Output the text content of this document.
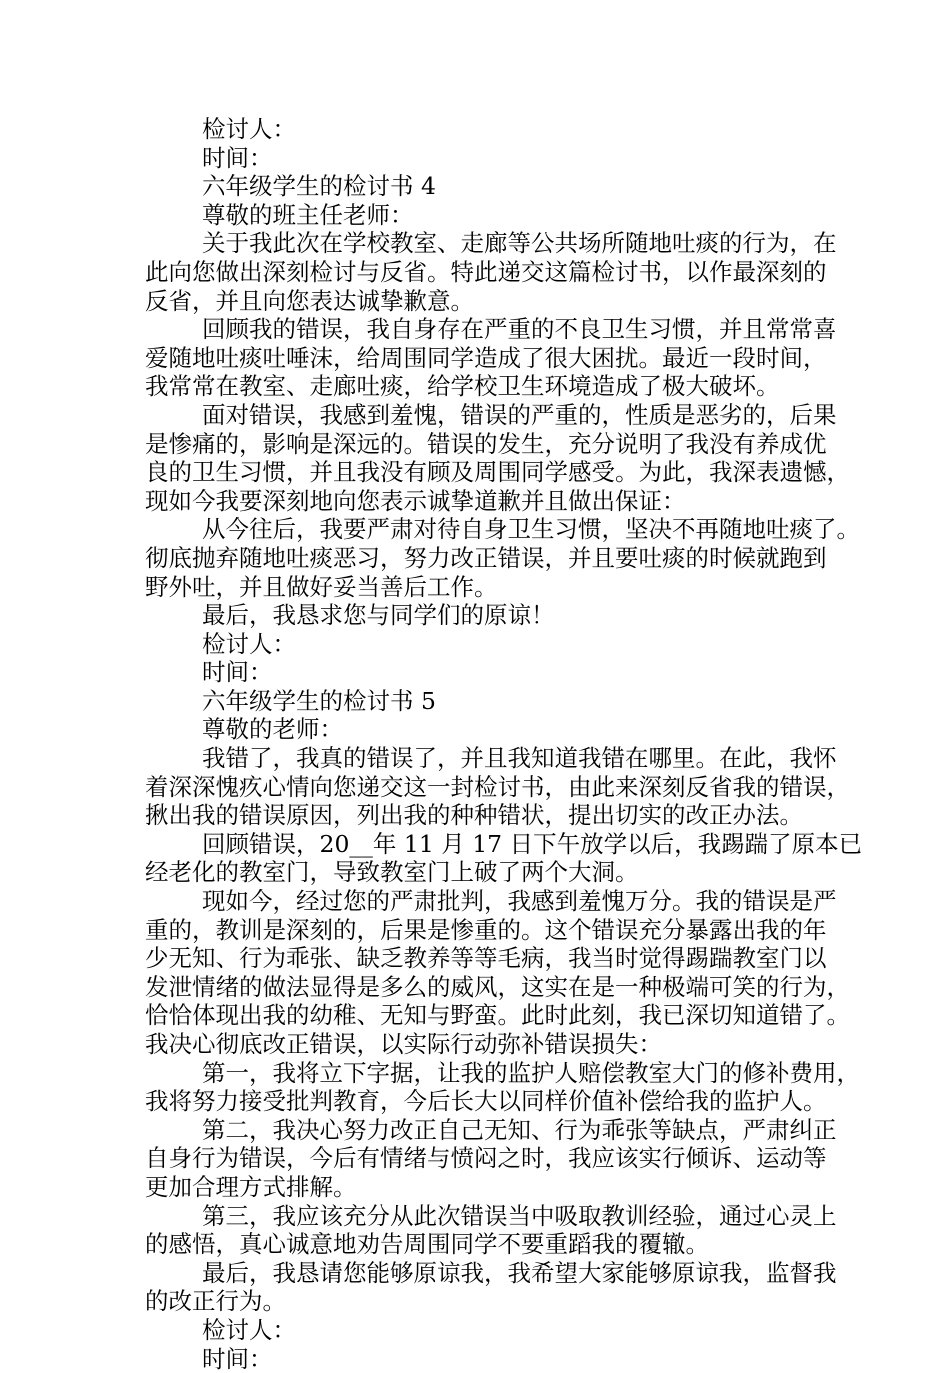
检讨人：
时间：
六年级学生的检讨书 4
尊敬的班主任老师：
关于我此次在学校教室、走廊等公共场所随地吐痰的行为，在
此向您做出深刻检讨与反省。特此递交这篇检讨书，以作最深刻的
反省，并且向您表达诚挚歉意。
回顾我的错误，我自身存在严重的不良卫生习惯，并且常常喜
爱随地吐痰吐唾沫，给周围同学造成了很大困扰。最近一段时间，
我常常在教室、走廊吐痰，给学校卫生环境造成了极大破坏。
面对错误，我感到羞愧，错误的严重的，性质是恶劣的，后果
是惨痛的，影响是深远的。错误的发生，充分说明了我没有养成优
良的卫生习惯，并且我没有顾及周围同学感受。为此，我深表遗憾，
现如今我要深刻地向您表示诚挚道歉并且做出保证：
从今往后，我要严肃对待自身卫生习惯，坚决不再随地吐痰了。
彻底抛弃随地吐痰恶习，努力改正错误，并且要吐痰的时候就跑到
野外吐，并且做好妥当善后工作。
最后，我恳求您与同学们的原谅！
检讨人：
时间：
六年级学生的检讨书 5
尊敬的老师：
我错了，我真的错误了，并且我知道我错在哪里。在此，我怀
着深深愧疚心情向您递交这一封检讨书，由此来深刻反省我的错误，
揪出我的错误原因，列出我的种种错状，提出切实的改正办法。
回顾错误，20__年 11 月 17 日下午放学以后，我踢踹了原本已
经老化的教室门，导致教室门上破了两个大洞。
现如今，经过您的严肃批判，我感到羞愧万分。我的错误是严
重的，教训是深刻的，后果是惨重的。这个错误充分暴露出我的年
少无知、行为乖张、缺乏教养等等毛病，我当时觉得踢踹教室门以
发泄情绪的做法显得是多么的威风，这实在是一种极端可笑的行为，
恰恰体现出我的幼稚、无知与野蛮。此时此刻，我已深切知道错了。
我决心彻底改正错误，以实际行动弥补错误损失：
第一，我将立下字据，让我的监护人赔偿教室大门的修补费用，
我将努力接受批判教育，今后长大以同样价值补偿给我的监护人。
第二，我决心努力改正自己无知、行为乖张等缺点，严肃纠正
自身行为错误，今后有情绪与愤闷之时，我应该实行倾诉、运动等
更加合理方式排解。
第三，我应该充分从此次错误当中吸取教训经验，通过心灵上
的感悟，真心诚意地劝告周围同学不要重蹈我的覆辙。
最后，我恳请您能够原谅我，我希望大家能够原谅我，监督我
的改正行为。
检讨人：
时间：
